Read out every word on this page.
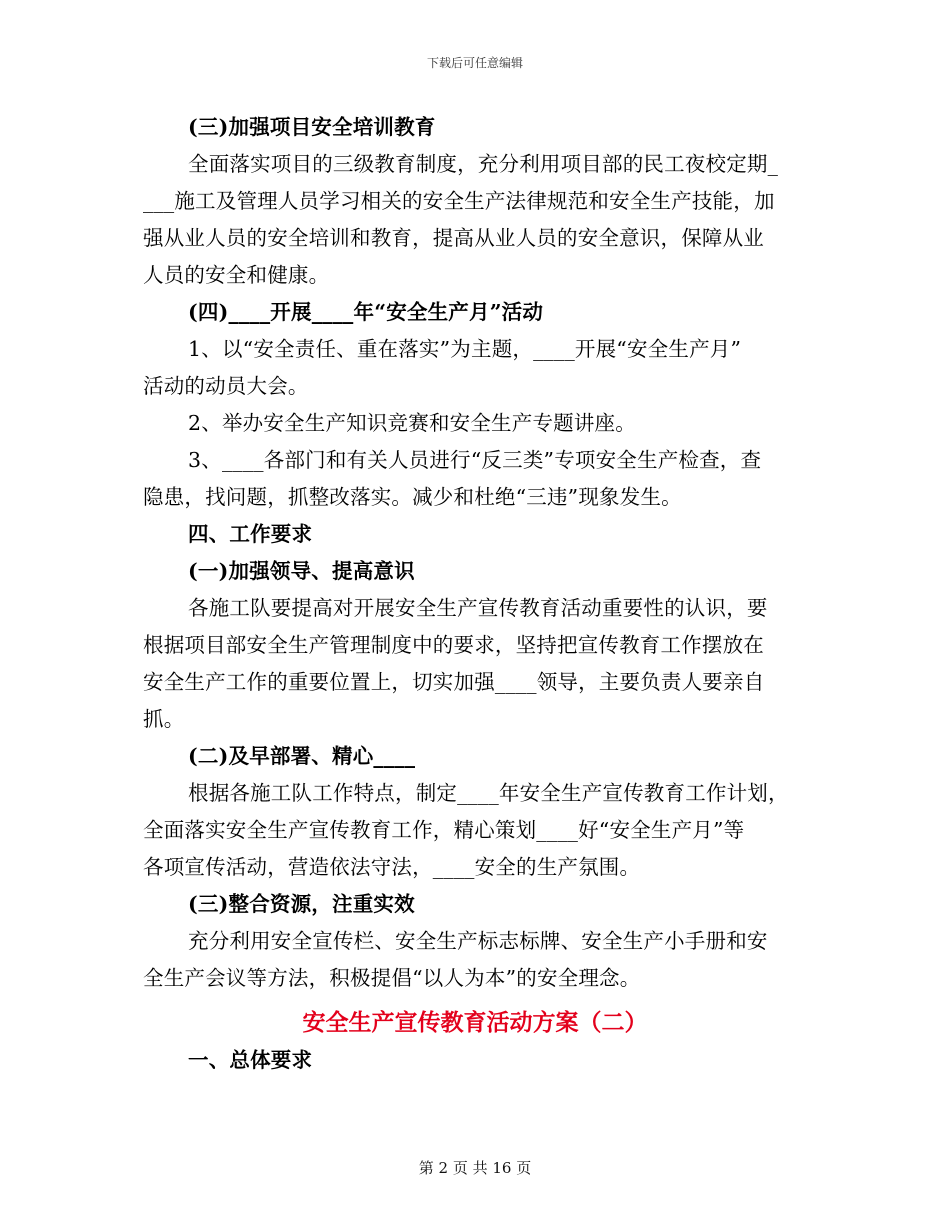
下载后可任意编辑
(三)加强项目安全培训教育
全面落实项目的三级教育制度，充分利用项目部的民工夜校定期_
___施工及管理人员学习相关的安全生产法律规范和安全生产技能，加
强从业人员的安全培训和教育，提高从业人员的安全意识，保障从业
人员的安全和健康。
(四)____开展____年“安全生产月”活动
1、以“安全责任、重在落实”为主题，____开展“安全生产月”
活动的动员大会。
2、举办安全生产知识竞赛和安全生产专题讲座。
3、____各部门和有关人员进行“反三类”专项安全生产检查，查
隐患，找问题，抓整改落实。减少和杜绝“三违”现象发生。
四、工作要求
(一)加强领导、提高意识
各施工队要提高对开展安全生产宣传教育活动重要性的认识，要
根据项目部安全生产管理制度中的要求，坚持把宣传教育工作摆放在
安全生产工作的重要位置上，切实加强____领导，主要负责人要亲自
抓。
(二)及早部署、精心____
根据各施工队工作特点，制定____年安全生产宣传教育工作计划，
全面落实安全生产宣传教育工作，精心策划____好“安全生产月”等
各项宣传活动，营造依法守法，____安全的生产氛围。
(三)整合资源，注重实效
充分利用安全宣传栏、安全生产标志标牌、安全生产小手册和安
全生产会议等方法，积极提倡“以人为本”的安全理念。
安全生产宣传教育活动方案（二）
一、总体要求
第 2 页 共 16 页
